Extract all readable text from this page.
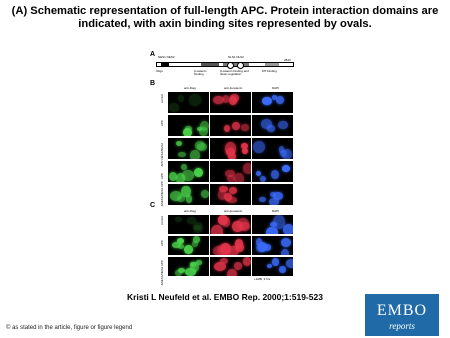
(A) Schematic representation of full-length APC. Protein interaction domains are indicated, with axin binding sites represented by ovals.
A NES1 NES2	NLS1 NLS2
2843
Oligo	β-catenin binding
β-catenin binding and down-regulation
MT binding
B
anti-Flag	anti-β-catenin	DAPI
control
APC
APC NES1/NES2
APC
ΔNES1/NES2 APC
C
anti-Flag	anti-β-catenin	DAPI
control
APC
ΔNES1/NES2 APC	+LMB, 3 hrs
Kristi L Neufeld et al. EMBO Rep. 2000;1:519-523
© as stated in the article, figure or figure legend
EMBO
reports
